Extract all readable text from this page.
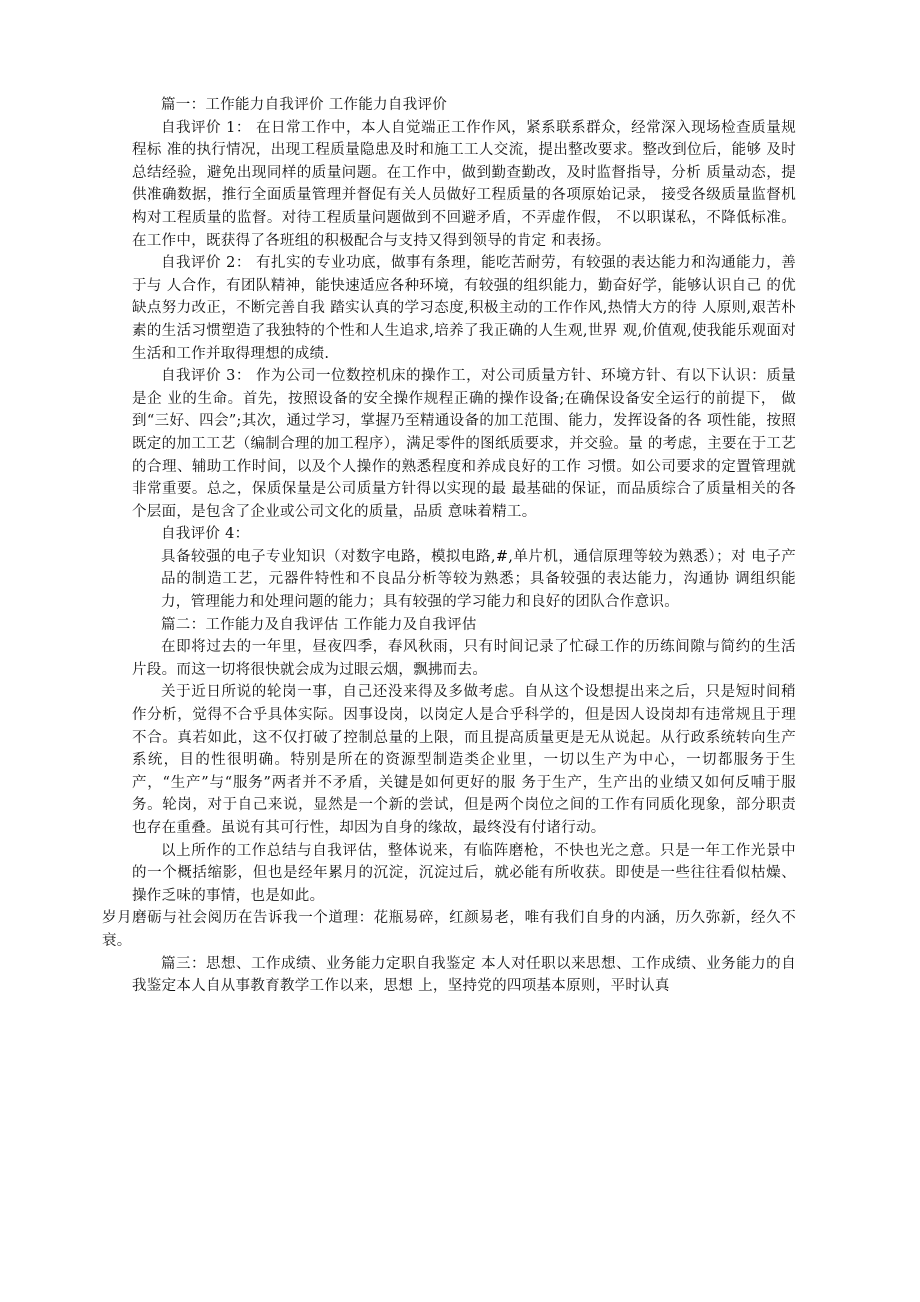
篇一：工作能力自我评价 工作能力自我评价

自我评价 1： 在日常工作中，本人自觉端正工作作风，紧系联系群众，经常深入现场检查质量规程标 准的执行情况，出现工程质量隐患及时和施工工人交流，提出整改要求。整改到位后，能够 及时总结经验，避免出现同样的质量问题。在工作中，做到勤查勤改，及时监督指导，分析 质量动态，提供准确数据，推行全面质量管理并督促有关人员做好工程质量的各项原始记录， 接受各级质量监督机构对工程质量的监督。对待工程质量问题做到不回避矛盾，不弄虚作假， 不以职谋私，不降低标准。在工作中，既获得了各班组的积极配合与支持又得到领导的肯定 和表扬。

自我评价 2： 有扎实的专业功底，做事有条理，能吃苦耐劳，有较强的表达能力和沟通能力，善于与 人合作，有团队精神，能快速适应各种环境，有较强的组织能力，勤奋好学，能够认识自己 的优缺点努力改正，不断完善自我 踏实认真的学习态度,积极主动的工作作风,热情大方的待 人原则,艰苦朴素的生活习惯塑造了我独特的个性和人生追求,培养了我正确的人生观,世界 观,价值观,使我能乐观面对生活和工作并取得理想的成绩.

自我评价 3： 作为公司一位数控机床的操作工，对公司质量方针、环境方针、有以下认识：质量是企 业的生命。首先，按照设备的安全操作规程正确的操作设备;在确保设备安全运行的前提下， 做到“三好、四会”;其次，通过学习，掌握乃至精通设备的加工范围、能力，发挥设备的各 项性能，按照既定的加工工艺（编制合理的加工程序），满足零件的图纸质要求，并交验。量 的考虑，主要在于工艺的合理、辅助工作时间，以及个人操作的熟悉程度和养成良好的工作 习惯。如公司要求的定置管理就非常重要。总之，保质保量是公司质量方针得以实现的最 最基础的保证，而品质综合了质量相关的各个层面，是包含了企业或公司文化的质量，品质 意味着精工。

自我评价 4：

具备较强的电子专业知识（对数字电路，模拟电路,#,单片机，通信原理等较为熟悉）；对 电子产品的制造工艺，元器件特性和不良品分析等较为熟悉；具备较强的表达能力，沟通协 调组织能力，管理能力和处理问题的能力；具有较强的学习能力和良好的团队合作意识。

篇二：工作能力及自我评估 工作能力及自我评估

在即将过去的一年里，昼夜四季，春风秋雨，只有时间记录了忙碌工作的历练间隙与简约的生活片段。而这一切将很快就会成为过眼云烟，飘拂而去。

关于近日所说的轮岗一事，自己还没来得及多做考虑。自从这个设想提出来之后，只是短时间稍作分析，觉得不合乎具体实际。因事设岗，以岗定人是合乎科学的，但是因人设岗却有违常规且于理不合。真若如此，这不仅打破了控制总量的上限，而且提高质量更是无从说起。从行政系统转向生产系统，目的性很明确。特别是所在的资源型制造类企业里，一切以生产为中心，一切都服务于生产，“生产”与“服务”两者并不矛盾，关键是如何更好的服 务于生产，生产出的业绩又如何反哺于服务。轮岗，对于自己来说，显然是一个新的尝试，但是两个岗位之间的工作有同质化现象，部分职责也存在重叠。虽说有其可行性，却因为自身的缘故，最终没有付诸行动。

以上所作的工作总结与自我评估，整体说来，有临阵磨枪，不快也光之意。只是一年工作光景中的一个概括缩影，但也是经年累月的沉淀，沉淀过后，就必能有所收获。即使是一些往往看似枯燥、操作乏味的事情，也是如此。

岁月磨砺与社会阅历在告诉我一个道理：花瓶易碎，红颜易老，唯有我们自身的内涵，历久弥新，经久不衰。

篇三：思想、工作成绩、业务能力定职自我鉴定 本人对任职以来思想、工作成绩、业务能力的自我鉴定本人自从事教育教学工作以来，思想 上，坚持党的四项基本原则，平时认真
